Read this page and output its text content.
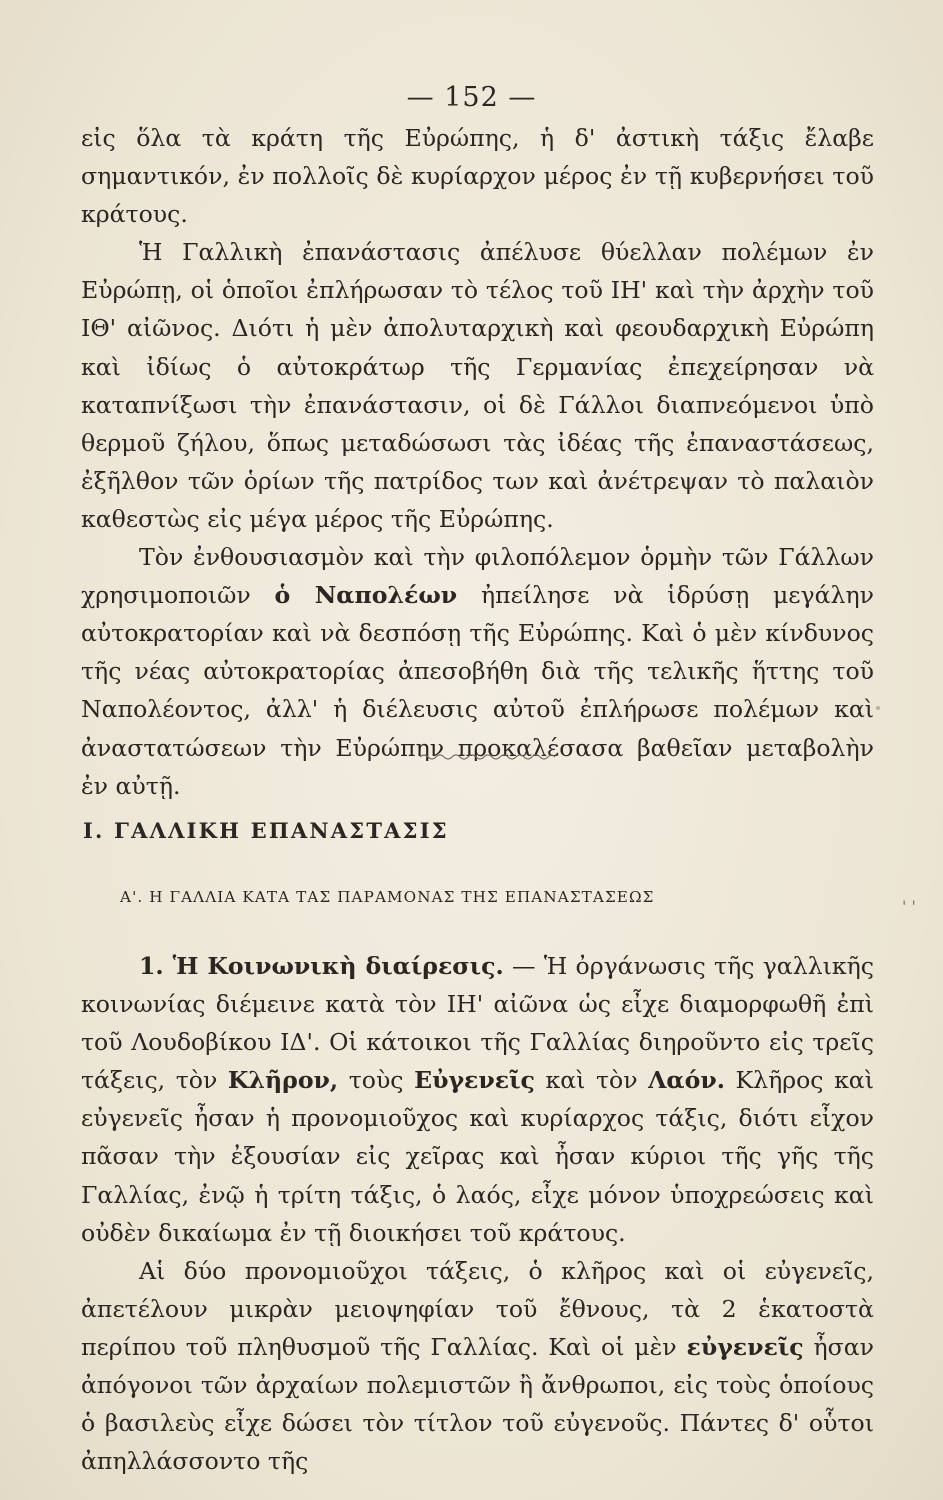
— 152 —

εἰς ὅλα τὰ κράτη τῆς Εὐρώπης, ἡ δ' ἀστικὴ τάξις ἔλαβε σημαντικόν, ἐν πολλοῖς δὲ κυρίαρχον μέρος ἐν τῇ κυβερνήσει τοῦ κράτους.

Ἡ Γαλλικὴ ἐπανάστασις ἀπέλυσε θύελλαν πολέμων ἐν Εὐρώπῃ, οἱ ὁποῖοι ἐπλήρωσαν τὸ τέλος τοῦ ΙΗ' καὶ τὴν ἀρχὴν τοῦ ΙΘ' αἰῶνος. Διότι ἡ μὲν ἀπολυταρχικὴ καὶ φεουδαρχικὴ Εὐρώπη καὶ ἰδίως ὁ αὐτοκράτωρ τῆς Γερμανίας ἐπεχείρησαν νὰ καταπνίξωσι τὴν ἐπανάστασιν, οἱ δὲ Γάλλοι διαπνεόμενοι ὑπὸ θερμοῦ ζήλου, ὅπως μεταδώσωσι τὰς ἰδέας τῆς ἐπαναστάσεως, ἐξῆλθον τῶν ὁρίων τῆς πατρίδος των καὶ ἀνέτρεψαν τὸ παλαιὸν καθεστὼς εἰς μέγα μέρος τῆς Εὐρώπης.

Τὸν ἐνθουσιασμὸν καὶ τὴν φιλοπόλεμον ὁρμὴν τῶν Γάλλων χρησιμοποιῶν ὁ Ναπολέων ἠπείλησε νὰ ἱδρύσῃ μεγάλην αὐτοκρατορίαν καὶ νὰ δεσπόσῃ τῆς Εὐρώπης. Καὶ ὁ μὲν κίνδυνος τῆς νέας αὐτοκρατορίας ἀπεσοβήθη διὰ τῆς τελικῆς ἥττης τοῦ Ναπολέοντος, ἀλλ' ἡ διέλευσις αὐτοῦ ἐπλήρωσε πολέμων καὶ ἀναστατώσεων τὴν Εὐρώπην προκαλέσασα βαθεῖαν μεταβολὴν ἐν αὐτῇ.

I. ΓΑΛΛΙΚΗ ΕΠΑΝΑΣΤΑΣΙΣ
Α'. Η ΓΑΛΛΙΑ ΚΑΤΑ ΤΑΣ ΠΑΡΑΜΟΝΑΣ ΤΗΣ ΕΠΑΝΑΣΤΑΣΕΩΣ	' '

1. Ἡ Κοινωνικὴ διαίρεσις. — Ἡ ὀργάνωσις τῆς γαλλικῆς κοινωνίας διέμεινε κατὰ τὸν ΙΗ' αἰῶνα ὡς εἶχε διαμορφωθῆ ἐπὶ τοῦ Λουδοβίκου ΙΔ'. Οἱ κάτοικοι τῆς Γαλλίας διηροῦντο εἰς τρεῖς τάξεις, τὸν Κλῆρον, τοὺς Εὐγενεῖς καὶ τὸν Λαόν. Κλῆρος καὶ εὐγενεῖς ἦσαν ἡ προνομιοῦχος καὶ κυρίαρχος τάξις, διότι εἶχον πᾶσαν τὴν ἐξουσίαν εἰς χεῖρας καὶ ἦσαν κύριοι τῆς γῆς τῆς Γαλλίας, ἐνῷ ἡ τρίτη τάξις, ὁ λαός, εἶχε μόνον ὑποχρεώσεις καὶ οὐδὲν δικαίωμα ἐν τῇ διοικήσει τοῦ κράτους.

Αἱ δύο προνομιοῦχοι τάξεις, ὁ κλῆρος καὶ οἱ εὐγενεῖς, ἀπετέλουν μικρὰν μειοψηφίαν τοῦ ἔθνους, τὰ 2 ἑκατοστὰ περίπου τοῦ πληθυσμοῦ τῆς Γαλλίας. Καὶ οἱ μὲν εὐγενεῖς ἦσαν ἀπόγονοι τῶν ἀρχαίων πολεμιστῶν ἢ ἄνθρωποι, εἰς τοὺς ὁποίους ὁ βασιλεὺς εἶχε δώσει τὸν τίτλον τοῦ εὐγενοῦς. Πάντες δ' οὗτοι ἀπηλλάσσοντο τῆς
